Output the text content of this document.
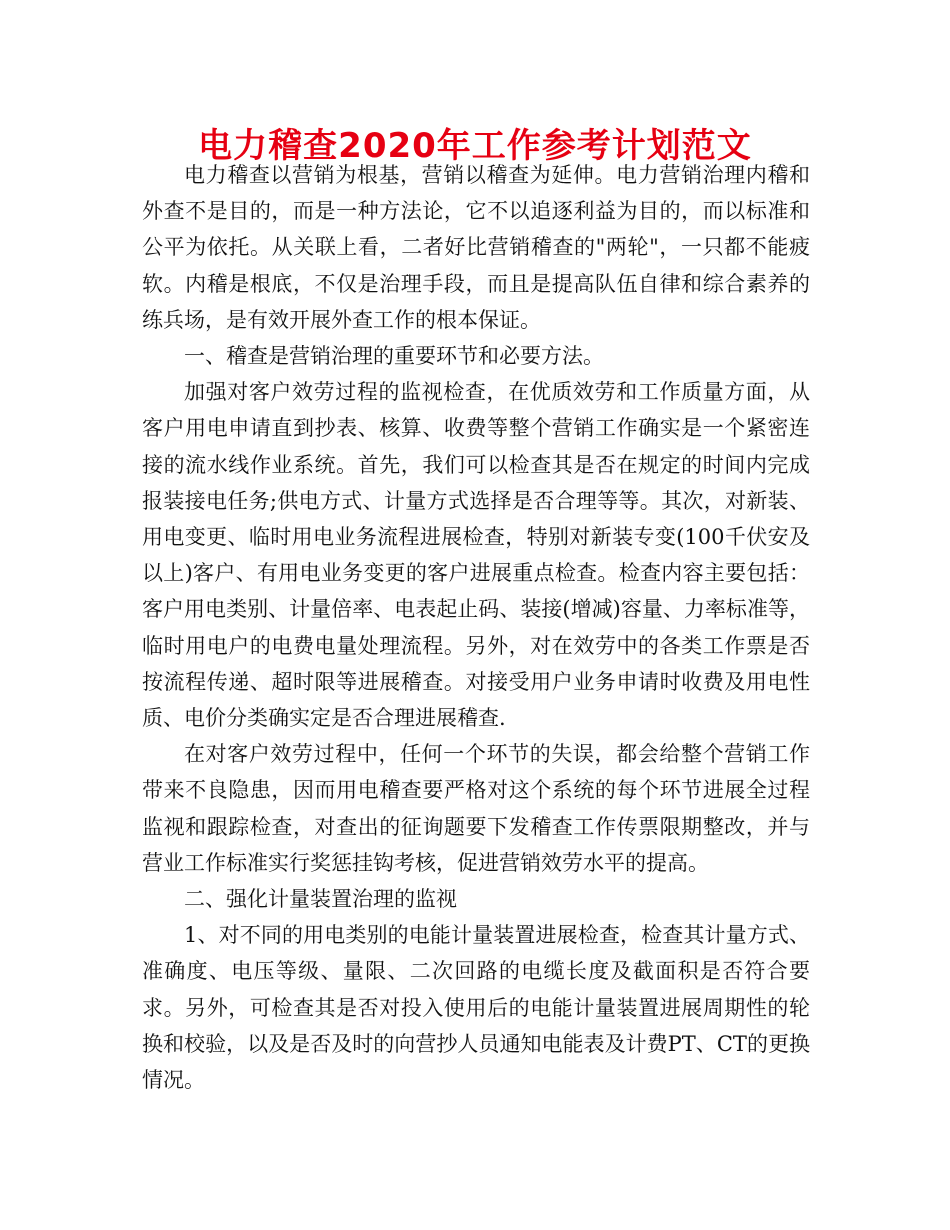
电力稽查2020年工作参考计划范文

电力稽查以营销为根基，营销以稽查为延伸。电力营销治理内稽和外查不是目的，而是一种方法论，它不以追逐利益为目的，而以标准和公平为依托。从关联上看，二者好比营销稽查的"两轮"，一只都不能疲软。内稽是根底，不仅是治理手段，而且是提高队伍自律和综合素养的练兵场，是有效开展外查工作的根本保证。

一、稽查是营销治理的重要环节和必要方法。

加强对客户效劳过程的监视检查，在优质效劳和工作质量方面，从客户用电申请直到抄表、核算、收费等整个营销工作确实是一个紧密连接的流水线作业系统。首先，我们可以检查其是否在规定的时间内完成报装接电任务;供电方式、计量方式选择是否合理等等。其次，对新装、用电变更、临时用电业务流程进展检查，特别对新装专变(100千伏安及以上)客户、有用电业务变更的客户进展重点检查。检查内容主要包括：客户用电类别、计量倍率、电表起止码、装接(增减)容量、力率标准等，临时用电户的电费电量处理流程。另外，对在效劳中的各类工作票是否按流程传递、超时限等进展稽查。对接受用户业务申请时收费及用电性质、电价分类确实定是否合理进展稽查.

在对客户效劳过程中，任何一个环节的失误，都会给整个营销工作带来不良隐患，因而用电稽查要严格对这个系统的每个环节进展全过程监视和跟踪检查，对查出的征询题要下发稽查工作传票限期整改，并与营业工作标准实行奖惩挂钩考核，促进营销效劳水平的提高。

二、强化计量装置治理的监视

1、对不同的用电类别的电能计量装置进展检查，检查其计量方式、准确度、电压等级、量限、二次回路的电缆长度及截面积是否符合要求。另外，可检查其是否对投入使用后的电能计量装置进展周期性的轮换和校验，以及是否及时的向营抄人员通知电能表及计费PT、CT的更换情况。
